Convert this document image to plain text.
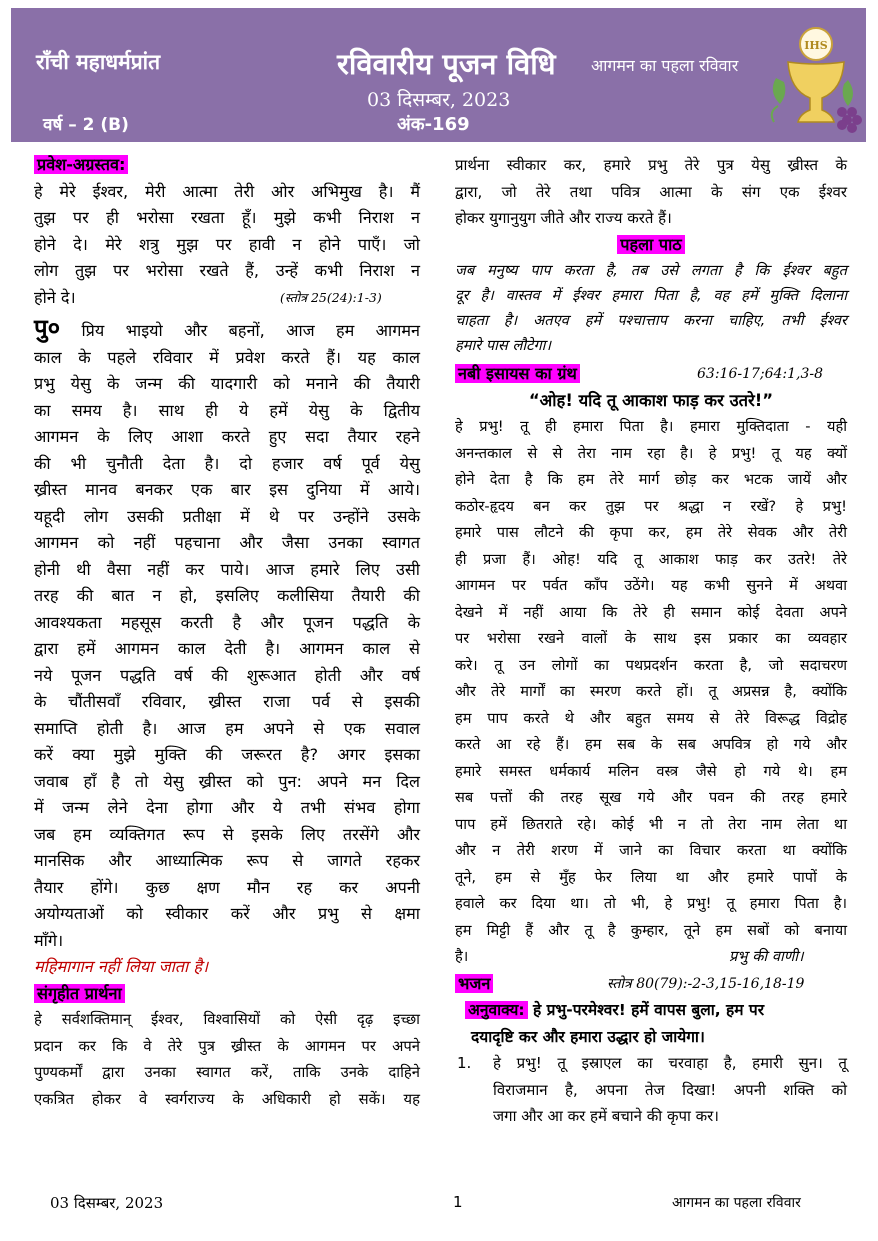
राँची महाधर्मप्रांत
वर्ष – 2 (B)
रविवारीय पूजन विधि आगमन का पहला रविवार
03 दिसम्बर, 2023
अंक-169
IHS

प्रवेश-अग्रस्तव:

हे मेरे ईश्वर, मेरी आत्मा तेरी ओर अभिमुख है। मैं

तुझ पर ही भरोसा रखता हूँ। मुझे कभी निराश न

होने दे। मेरे शत्रु मुझ पर हावी न होने पाएँ। जो

लोग तुझ पर भरोसा रखते हैं, उन्हें कभी निराश न

होने दे।	(स्तोत्र 25(24):1-3)

पु० प्रिय भाइयो और बहनों, आज हम आगमन

काल के पहले रविवार में प्रवेश करते हैं। यह काल

प्रभु येसु के जन्म की यादगारी को मनाने की तैयारी

का समय है। साथ ही ये हमें येसु के द्वितीय

आगमन के लिए आशा करते हुए सदा तैयार रहने

की भी चुनौती देता है। दो हजार वर्ष पूर्व येसु

ख्रीस्त मानव बनकर एक बार इस दुनिया में आये।

यहूदी लोग उसकी प्रतीक्षा में थे पर उन्होंने उसके

आगमन को नहीं पहचाना और जैसा उनका स्वागत

होनी थी वैसा नहीं कर पाये। आज हमारे लिए उसी

तरह की बात न हो, इसलिए कलीसिया तैयारी की

आवश्यकता महसूस करती है और पूजन पद्धति के

द्वारा हमें आगमन काल देती है। आगमन काल से

नये पूजन पद्धति वर्ष की शुरूआत होती और वर्ष

के चौंतीसवाँ रविवार, ख्रीस्त राजा पर्व से इसकी

समाप्ति होती है। आज हम अपने से एक सवाल

करें क्या मुझे मुक्ति की जरूरत है? अगर इसका

जवाब हाँ है तो येसु ख्रीस्त को पुन: अपने मन दिल

में जन्म लेने देना होगा और ये तभी संभव होगा

जब हम व्यक्तिगत रूप से इसके लिए तरसेंगे और

मानसिक और आध्यात्मिक रूप से जागते रहकर

तैयार होंगे। कुछ क्षण मौन रह कर अपनी

अयोग्यताओं को स्वीकार करें और प्रभु से क्षमा

माँगे।

महिमागान नहीं लिया जाता है।

संगृहीत प्रार्थना

हे सर्वशक्तिमान् ईश्वर, विश्वासियों को ऐसी दृढ़ इच्छा

प्रदान कर कि वे तेरे पुत्र ख्रीस्त के आगमन पर अपने

पुण्यकर्मों द्वारा उनका स्वागत करें, ताकि उनके दाहिने

एकत्रित होकर वे स्वर्गराज्य के अधिकारी हो सकें। यह

प्रार्थना स्वीकार कर, हमारे प्रभु तेरे पुत्र येसु ख्रीस्त के

द्वारा, जो तेरे तथा पवित्र आत्मा के संग एक ईश्वर

होकर युगानुयुग जीते और राज्य करते हैं।

पहला पाठ

जब मनुष्य पाप करता है, तब उसे लगता है कि ईश्वर बहुत

दूर है। वास्तव में ईश्वर हमारा पिता है, वह हमें मुक्ति दिलाना

चाहता है। अतएव हमें पश्चात्ताप करना चाहिए, तभी ईश्वर

हमारे पास लौटेगा।

नबी इसायस का ग्रंथ	63:16-17;64:1,3-8

“ओह! यदि तू आकाश फाड़ कर उतरे!”

हे प्रभु! तू ही हमारा पिता है। हमारा मुक्तिदाता - यही

अनन्तकाल से से तेरा नाम रहा है। हे प्रभु! तू यह क्यों

होने देता है कि हम तेरे मार्ग छोड़ कर भटक जायें और

कठोर-हृदय बन कर तुझ पर श्रद्धा न रखें? हे प्रभु!

हमारे पास लौटने की कृपा कर, हम तेरे सेवक और तेरी

ही प्रजा हैं। ओह! यदि तू आकाश फाड़ कर उतरे! तेरे

आगमन पर पर्वत काँप उठेंगे। यह कभी सुनने में अथवा

देखने में नहीं आया कि तेरे ही समान कोई देवता अपने

पर भरोसा रखने वालों के साथ इस प्रकार का व्यवहार

करे। तू उन लोगों का पथप्रदर्शन करता है, जो सदाचरण

और तेरे मार्गों का स्मरण करते हों। तू अप्रसन्न है, क्योंकि

हम पाप करते थे और बहुत समय से तेरे विरूद्ध विद्रोह

करते आ रहे हैं। हम सब के सब अपवित्र हो गये और

हमारे समस्त धर्मकार्य मलिन वस्त्र जैसे हो गये थे। हम

सब पत्तों की तरह सूख गये और पवन की तरह हमारे

पाप हमें छितराते रहे। कोई भी न तो तेरा नाम लेता था

और न तेरी शरण में जाने का विचार करता था क्योंकि

तूने, हम से मुँह फेर लिया था और हमारे पापों के

हवाले कर दिया था। तो भी, हे प्रभु! तू हमारा पिता है।

हम मिट्टी हैं और तू है कुम्हार, तूने हम सबों को बनाया

है।	प्रभु की वाणी।

भजन	स्तोत्र 80(79):-2-3,15-16,18-19

अनुवाक्य: हे प्रभु-परमेश्वर! हमें वापस बुला, हम पर

दयादृष्टि कर और हमारा उद्धार हो जायेगा।

1. हे प्रभु! तू इस्राएल का चरवाहा है, हमारी सुन। तू

विराजमान है, अपना तेज दिखा! अपनी शक्ति को

जगा और आ कर हमें बचाने की कृपा कर।

03 दिसम्बर, 2023	1	आगमन का पहला रविवार
